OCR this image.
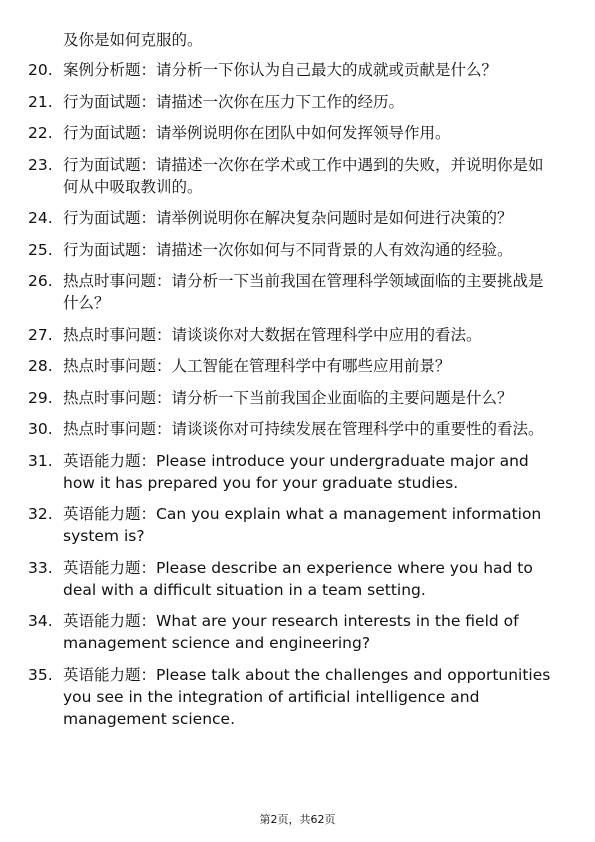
及你是如何克服的。
20. 案例分析题：请分析一下你认为自己最大的成就或贡献是什么？
21. 行为面试题：请描述一次你在压力下工作的经历。
22. 行为面试题：请举例说明你在团队中如何发挥领导作用。
23. 行为面试题：请描述一次你在学术或工作中遇到的失败，并说明你是如何从中吸取教训的。
24. 行为面试题：请举例说明你在解决复杂问题时是如何进行决策的？
25. 行为面试题：请描述一次你如何与不同背景的人有效沟通的经验。
26. 热点时事问题：请分析一下当前我国在管理科学领域面临的主要挑战是什么？
27. 热点时事问题：请谈谈你对大数据在管理科学中应用的看法。
28. 热点时事问题：人工智能在管理科学中有哪些应用前景？
29. 热点时事问题：请分析一下当前我国企业面临的主要问题是什么？
30. 热点时事问题：请谈谈你对可持续发展在管理科学中的重要性的看法。
31. 英语能力题：Please introduce your undergraduate major and how it has prepared you for your graduate studies.
32. 英语能力题：Can you explain what a management information system is?
33. 英语能力题：Please describe an experience where you had to deal with a difficult situation in a team setting.
34. 英语能力题：What are your research interests in the field of management science and engineering?
35. 英语能力题：Please talk about the challenges and opportunities you see in the integration of artificial intelligence and management science.
第2页，共62页
